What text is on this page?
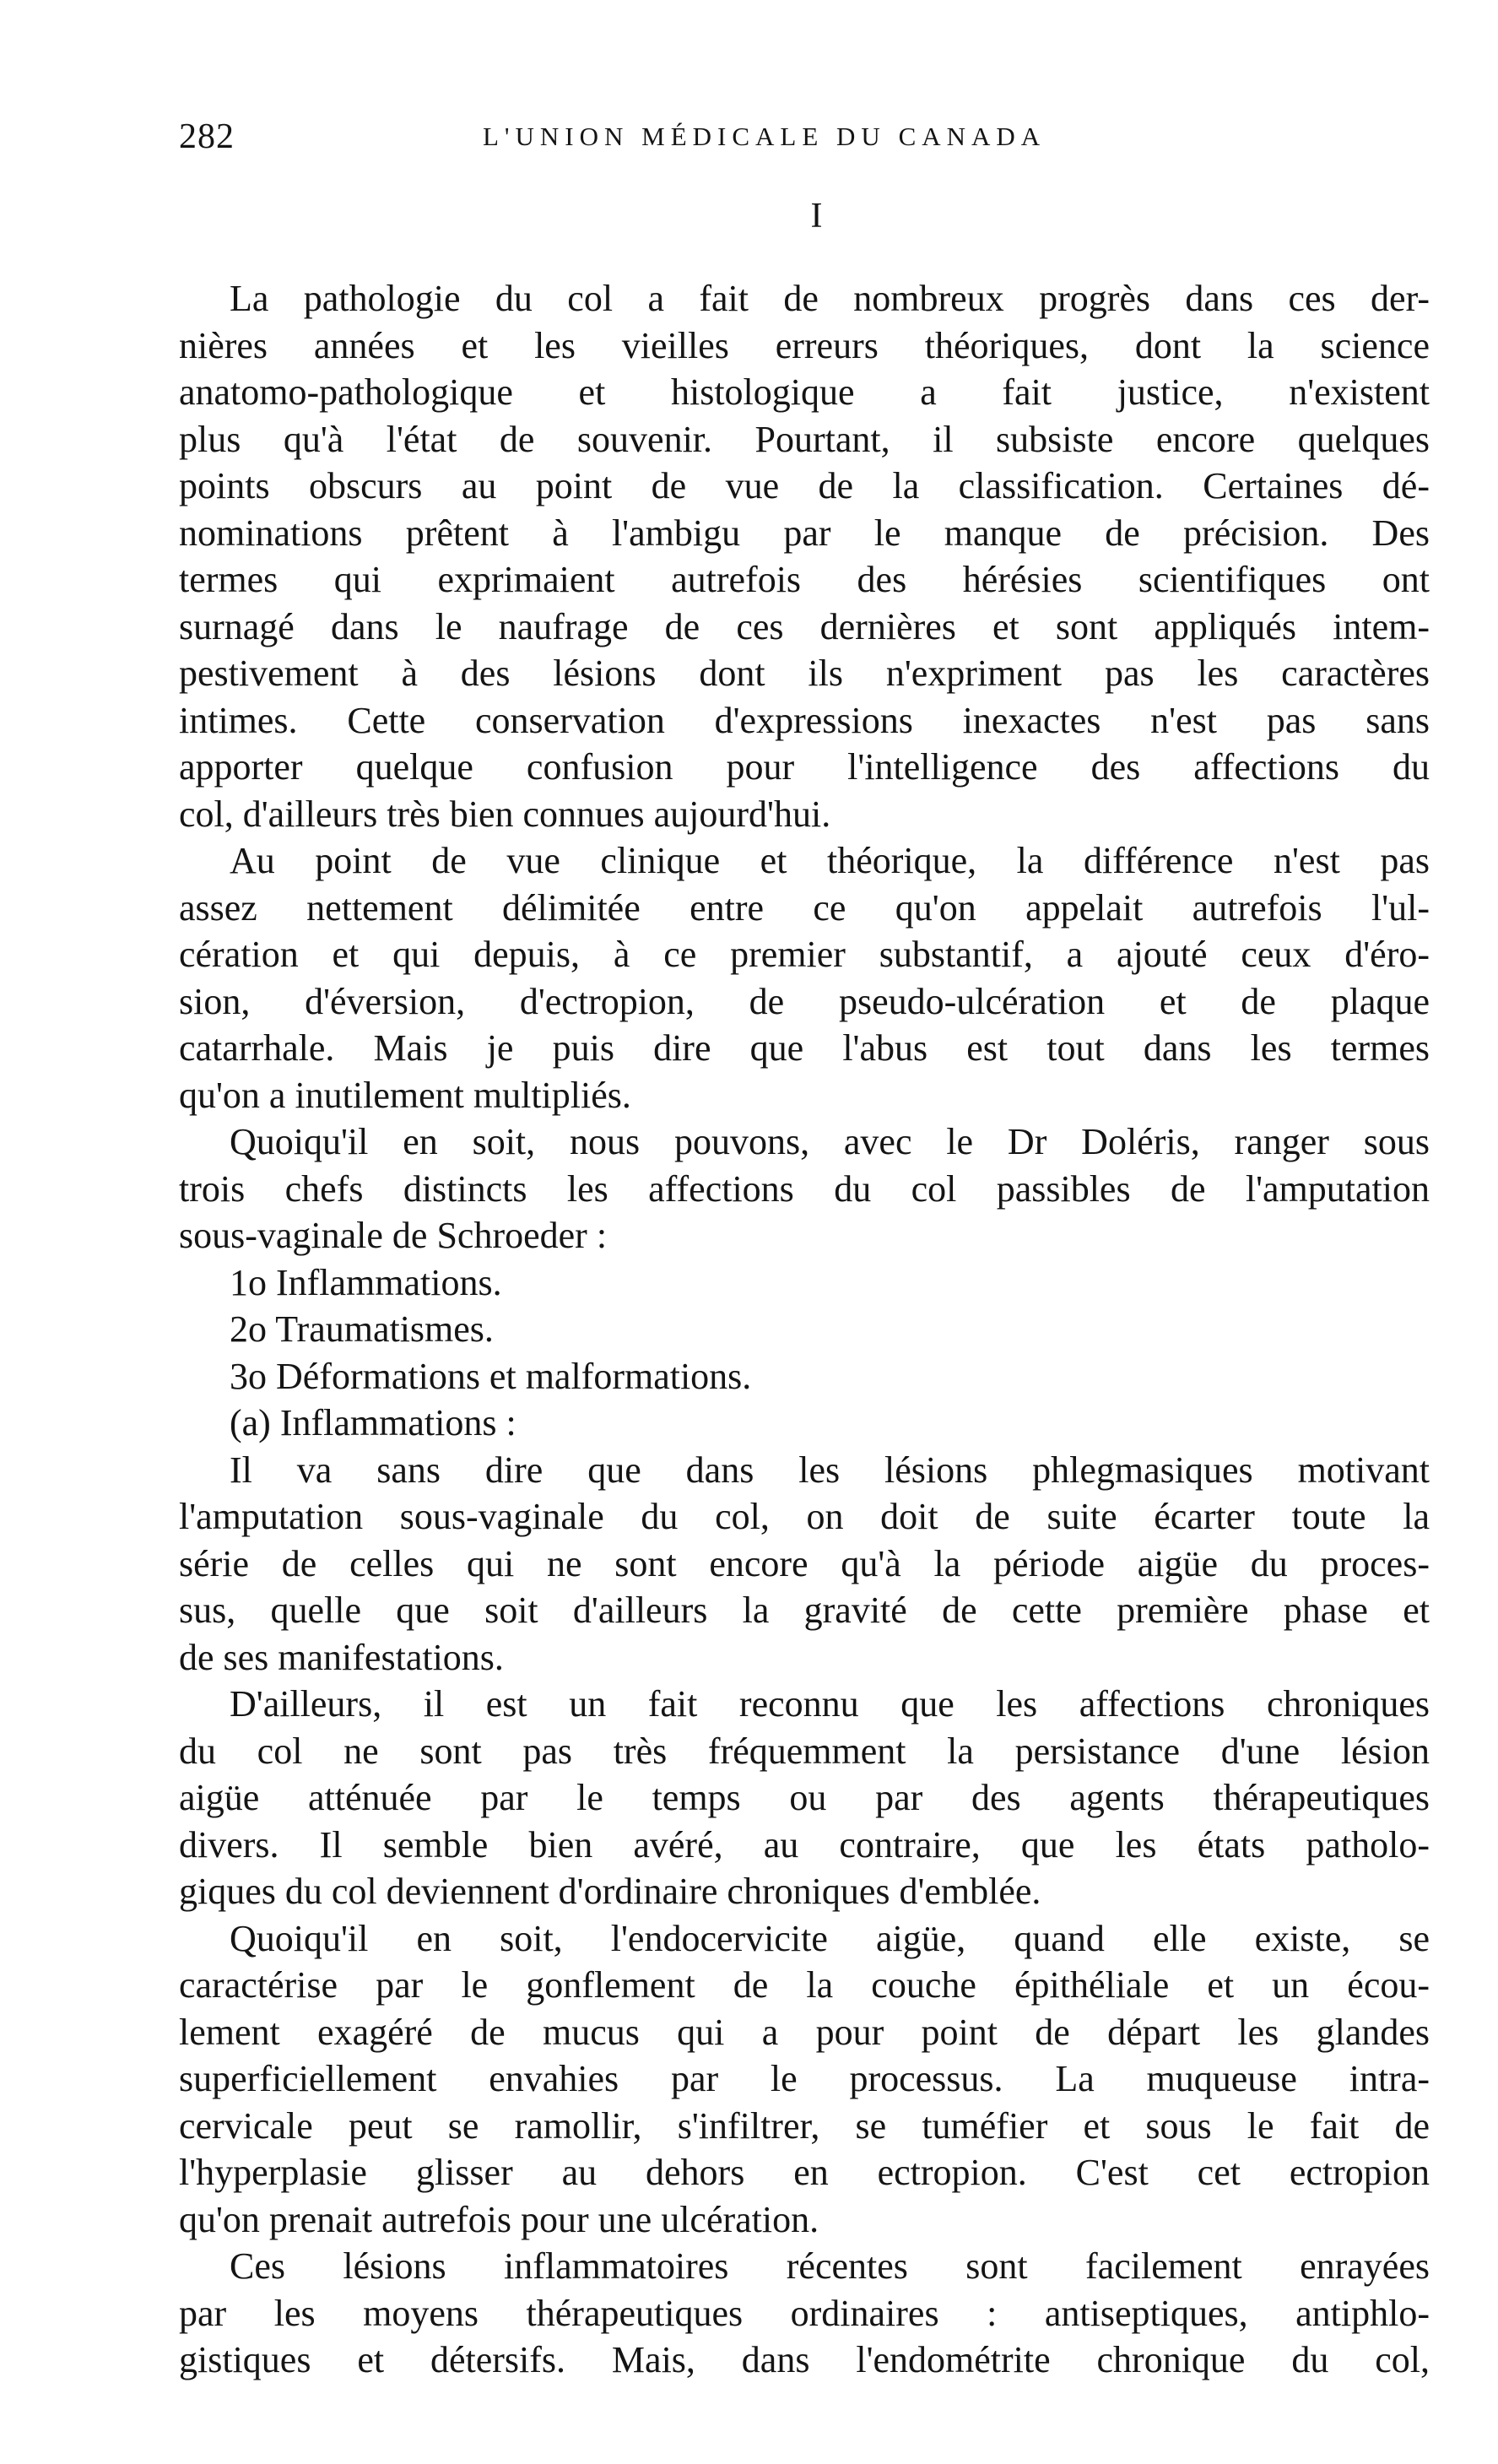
282	L'UNION MÉDICALE DU CANADA
I
La pathologie du col a fait de nombreux progrès dans ces der-
nières années et les vieilles erreurs théoriques, dont la science
anatomo-pathologique et histologique a fait justice, n'existent
plus qu'à l'état de souvenir. Pourtant, il subsiste encore quelques
points obscurs au point de vue de la classification. Certaines dé-
nominations prêtent à l'ambigu par le manque de précision. Des
termes qui exprimaient autrefois des hérésies scientifiques ont
surnagé dans le naufrage de ces dernières et sont appliqués intem-
pestivement à des lésions dont ils n'expriment pas les caractères
intimes. Cette conservation d'expressions inexactes n'est pas sans
apporter quelque confusion pour l'intelligence des affections du
col, d'ailleurs très bien connues aujourd'hui.
Au point de vue clinique et théorique, la différence n'est pas
assez nettement délimitée entre ce qu'on appelait autrefois l'ul-
cération et qui depuis, à ce premier substantif, a ajouté ceux d'éro-
sion, d'éversion, d'ectropion, de pseudo-ulcération et de plaque
catarrhale. Mais je puis dire que l'abus est tout dans les termes
qu'on a inutilement multipliés.
Quoiqu'il en soit, nous pouvons, avec le Dr Doléris, ranger sous
trois chefs distincts les affections du col passibles de l'amputation
sous-vaginale de Schroeder :
1o Inflammations.
2o Traumatismes.
3o Déformations et malformations.
(a) Inflammations :
Il va sans dire que dans les lésions phlegmasiques motivant
l'amputation sous-vaginale du col, on doit de suite écarter toute la
série de celles qui ne sont encore qu'à la période aigüe du proces-
sus, quelle que soit d'ailleurs la gravité de cette première phase et
de ses manifestations.
D'ailleurs, il est un fait reconnu que les affections chroniques
du col ne sont pas très fréquemment la persistance d'une lésion
aigüe atténuée par le temps ou par des agents thérapeutiques
divers. Il semble bien avéré, au contraire, que les états patholo-
giques du col deviennent d'ordinaire chroniques d'emblée.
Quoiqu'il en soit, l'endocervicite aigüe, quand elle existe, se
caractérise par le gonflement de la couche épithéliale et un écou-
lement exagéré de mucus qui a pour point de départ les glandes
superficiellement envahies par le processus. La muqueuse intra-
cervicale peut se ramollir, s'infiltrer, se tuméfier et sous le fait de
l'hyperplasie glisser au dehors en ectropion. C'est cet ectropion
qu'on prenait autrefois pour une ulcération.
Ces lésions inflammatoires récentes sont facilement enrayées
par les moyens thérapeutiques ordinaires : antiseptiques, antiphlo-
gistiques et détersifs. Mais, dans l'endométrite chronique du col,
